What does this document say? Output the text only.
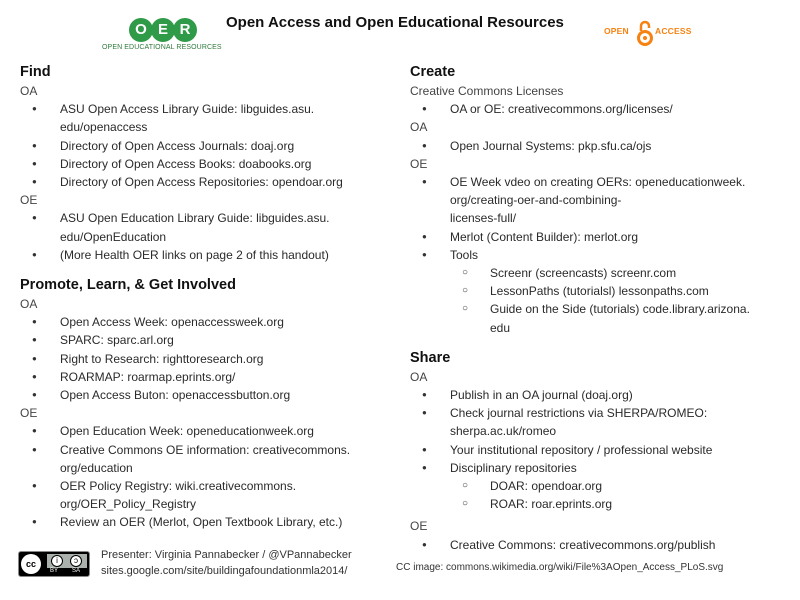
O E R
OPEN EDUCATIONAL RESOURCES
Open Access and Open Educational Resources	OPEN	ACCESS
Find
OA
● ASU Open Access Library Guide: libguides.asu.
edu/openaccess
● Directory of Open Access Journals: doaj.org
● Directory of Open Access Books: doabooks.org
● Directory of Open Access Repositories: opendoar.org
OE
● ASU Open Education Library Guide: libguides.asu.
edu/OpenEducation
● (More Health OER links on page 2 of this handout)
Promote, Learn, & Get Involved
OA
● Open Access Week: openaccessweek.org
● SPARC: sparc.arl.org
● Right to Research: righttoresearch.org
● ROARMAP: roarmap.eprints.org/
● Open Access Buton: openaccessbutton.org
OE
● Open Education Week: openeducationweek.org
● Creative Commons OE information: creativecommons.
org/education
● OER Policy Registry: wiki.creativecommons.
org/OER_Policy_Registry
● Review an OER (Merlot, Open Textbook Library, etc.)
Create
Creative Commons Licenses
● OA or OE: creativecommons.org/licenses/
OA
● Open Journal Systems: pkp.sfu.ca/ojs
OE
● OE Week vdeo on creating OERs: openeducationweek.
org/creating-oer-and-combining-
licenses-full/
● Merlot (Content Builder): merlot.org
● Tools
○ Screenr (screencasts) screenr.com
○ LessonPaths (tutorialsl) lessonpaths.com
○ Guide on the Side (tutorials) code.library.arizona.
edu
Share
OA
● Publish in an OA journal (doaj.org)
● Check journal restrictions via SHERPA/ROMEO:
sherpa.ac.uk/romeo
● Your institutional repository / professional website
● Disciplinary repositories
○ DOAR: opendoar.org
○ ROAR: roar.eprints.org
OE
● Creative Commons: creativecommons.org/publish
cc	i	ↄ
BY SA
Presenter: Virginia Pannabecker / @VPannabecker
sites.google.com/site/buildingafoundationmla2014/	CC image: commons.wikimedia.org/wiki/File%3AOpen_Access_PLoS.svg
